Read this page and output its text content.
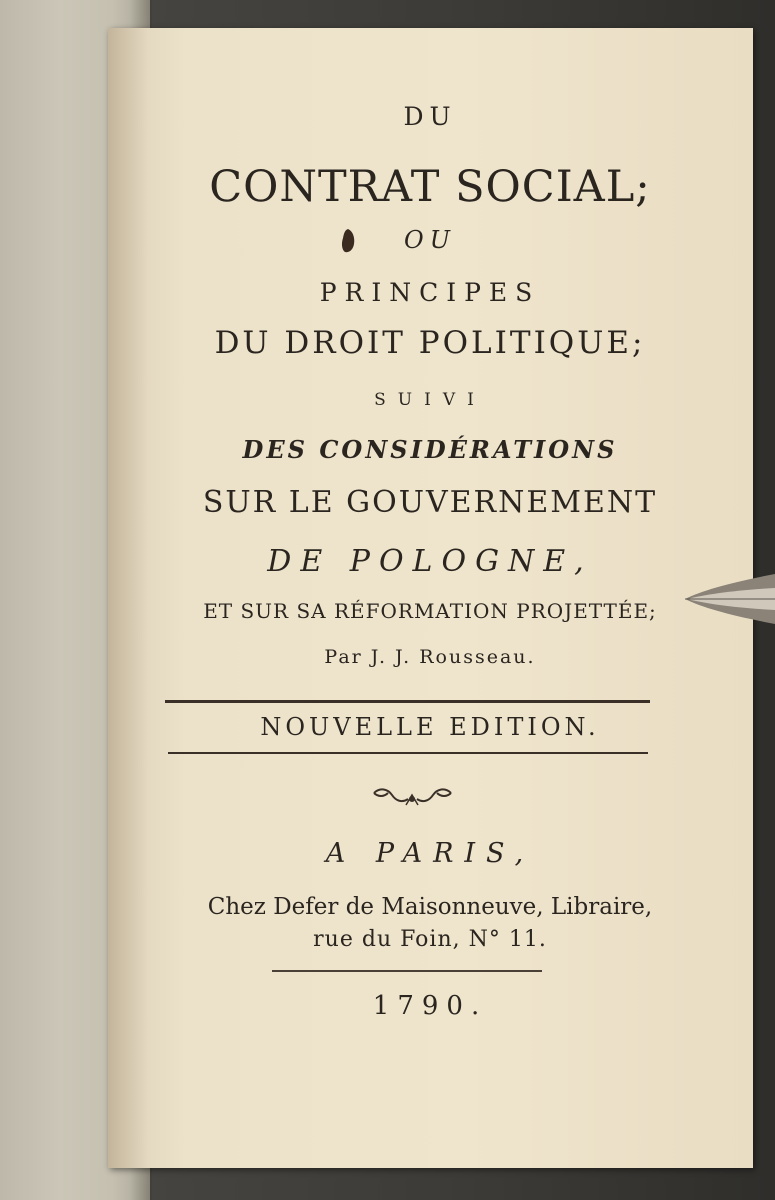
DU
CONTRAT SOCIAL;
OU
PRINCIPES
DU DROIT POLITIQUE;
SUIVI
DES CONSIDÉRATIONS
SUR LE GOUVERNEMENT
DE POLOGNE,
ET SUR SA RÉFORMATION PROJETTÉE;
Par J. J. Rousseau.
NOUVELLE EDITION.
A PARIS,
Chez Defer de Maisonneuve, Libraire,
rue du Foin, N° 11.
1790.
